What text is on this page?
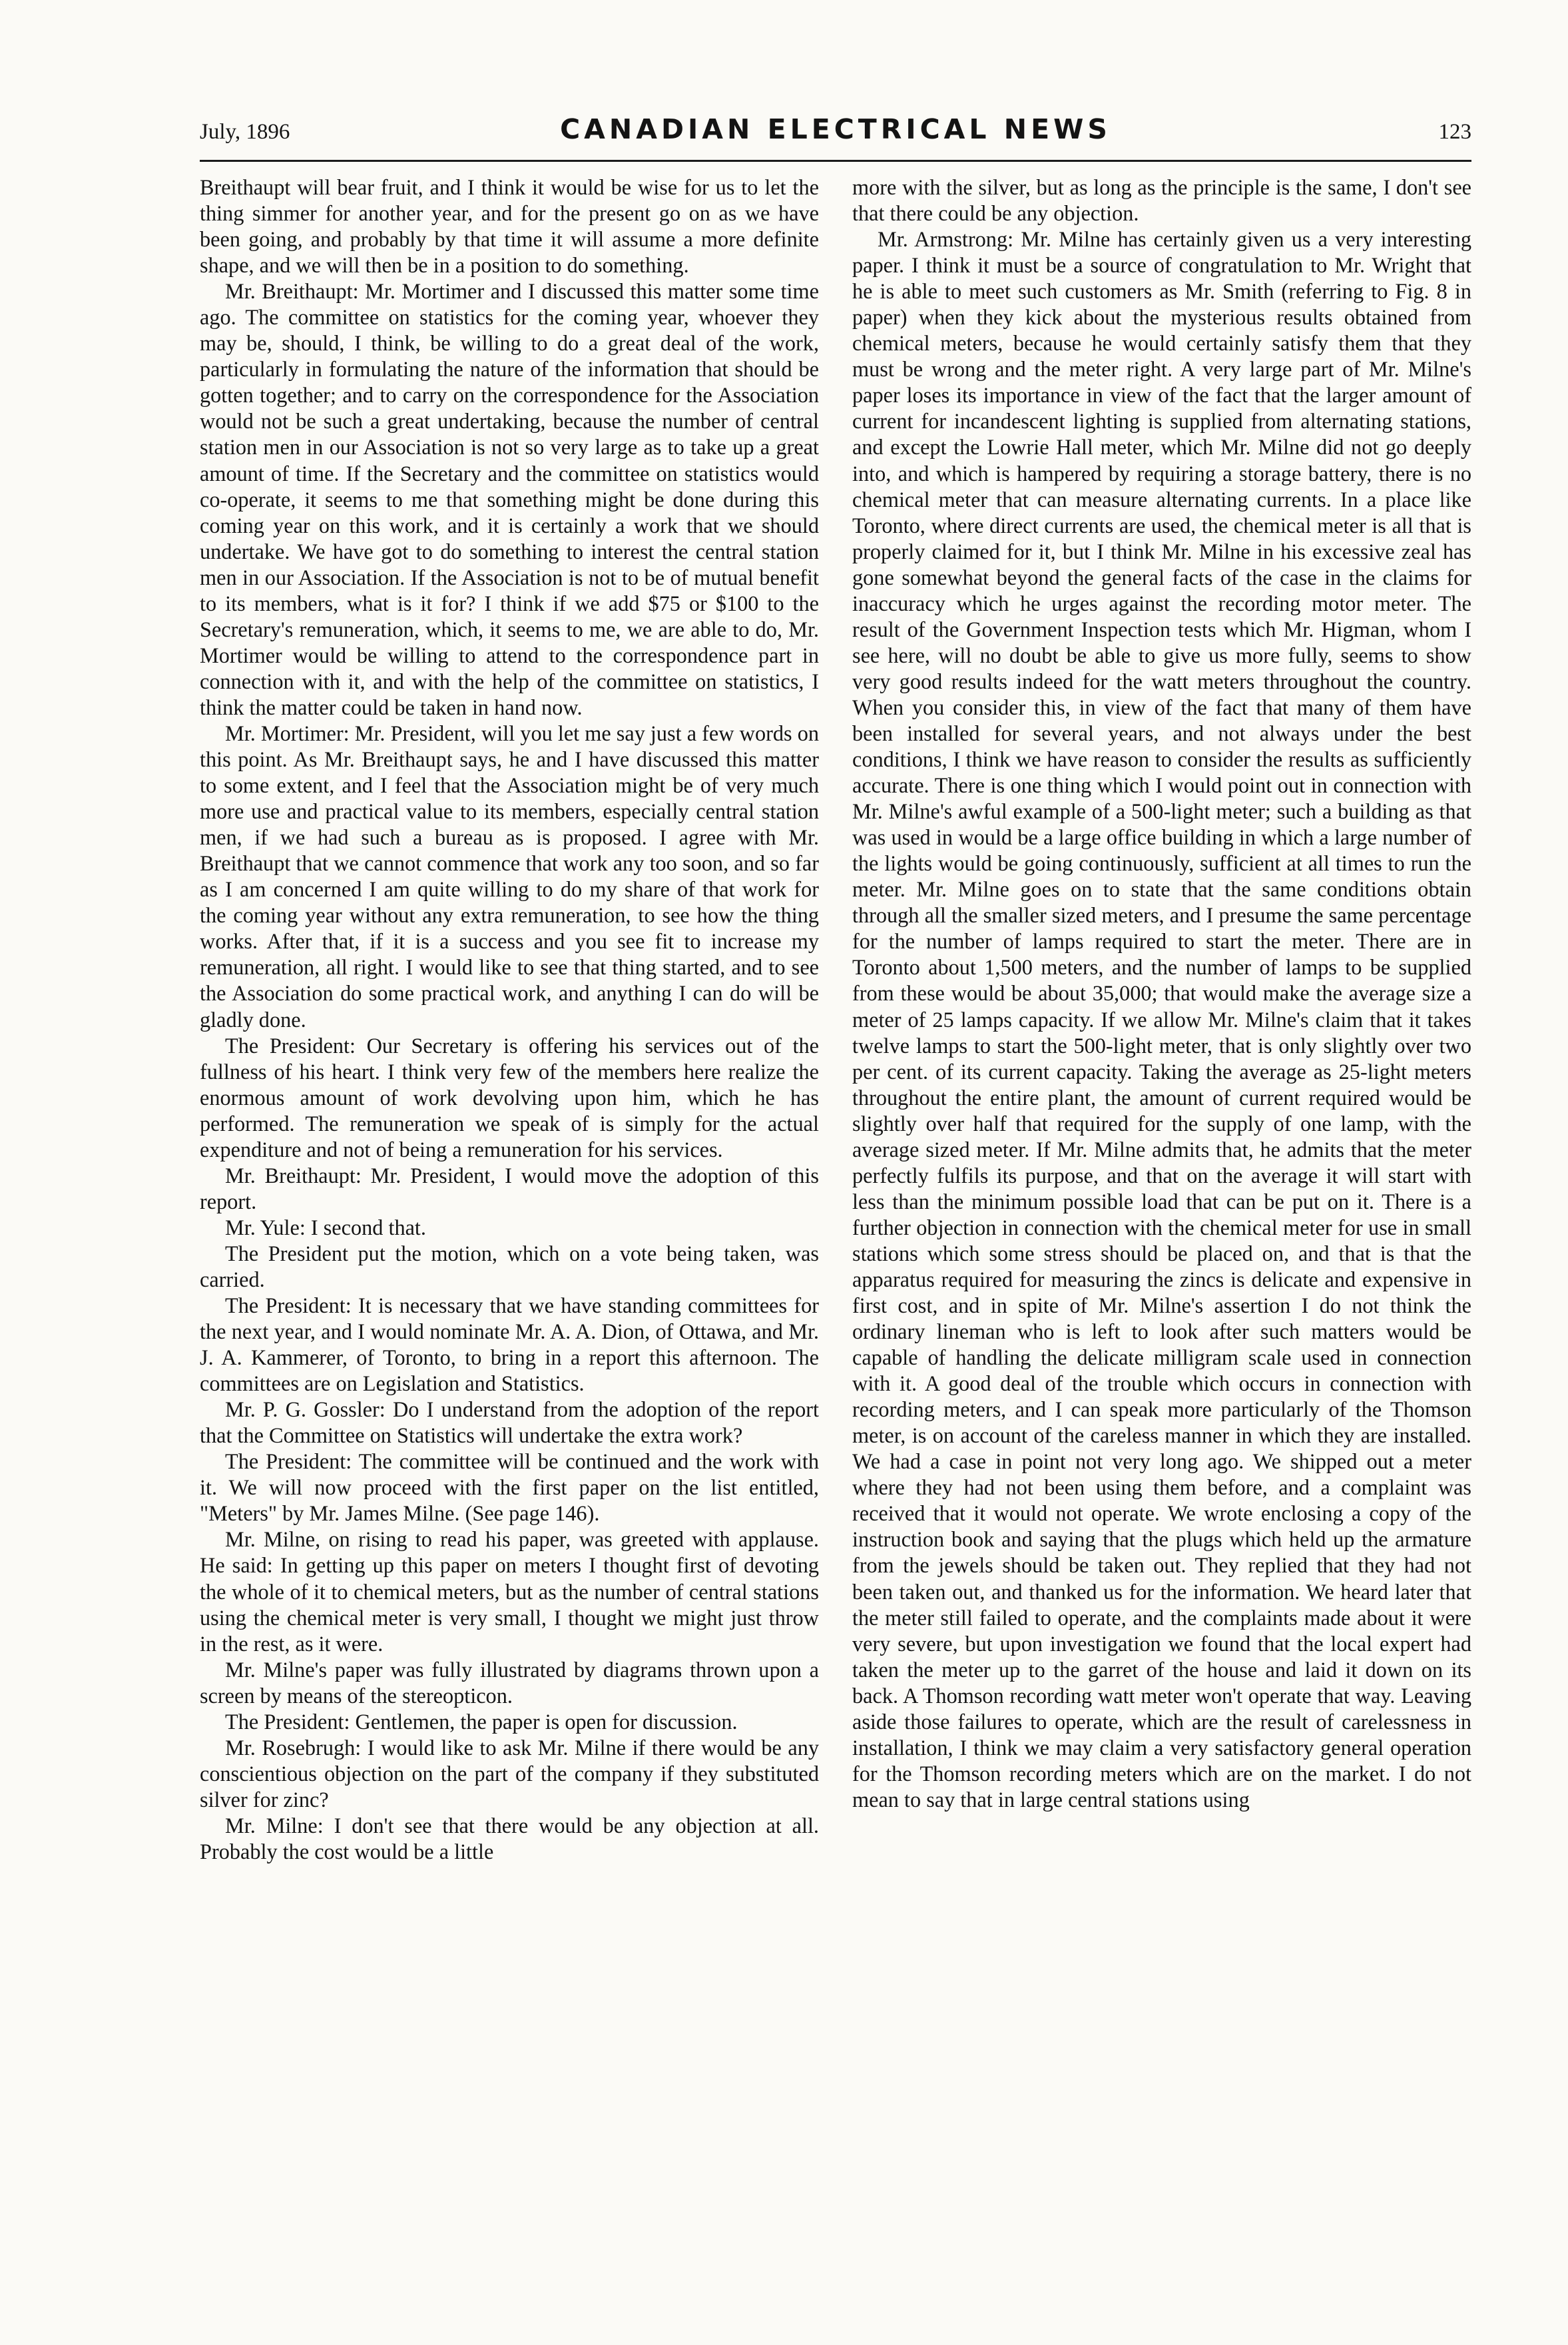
July, 1896	CANADIAN ELECTRICAL NEWS	123

Breithaupt will bear fruit, and I think it would be wise for us to let the thing simmer for another year, and for the present go on as we have been going, and probably by that time it will assume a more definite shape, and we will then be in a position to do something.

Mr. Breithaupt: Mr. Mortimer and I discussed this matter some time ago. The committee on statistics for the coming year, whoever they may be, should, I think, be willing to do a great deal of the work, particularly in formulating the nature of the information that should be gotten together; and to carry on the correspondence for the Association would not be such a great undertaking, because the number of central station men in our Association is not so very large as to take up a great amount of time. If the Secretary and the committee on statistics would co-operate, it seems to me that something might be done during this coming year on this work, and it is certainly a work that we should undertake. We have got to do something to interest the central station men in our Association. If the Association is not to be of mutual benefit to its members, what is it for? I think if we add $75 or $100 to the Secretary's remuneration, which, it seems to me, we are able to do, Mr. Mortimer would be willing to attend to the correspondence part in connection with it, and with the help of the committee on statistics, I think the matter could be taken in hand now.

Mr. Mortimer: Mr. President, will you let me say just a few words on this point. As Mr. Breithaupt says, he and I have discussed this matter to some extent, and I feel that the Association might be of very much more use and practical value to its members, especially central station men, if we had such a bureau as is proposed. I agree with Mr. Breithaupt that we cannot commence that work any too soon, and so far as I am concerned I am quite willing to do my share of that work for the coming year without any extra remuneration, to see how the thing works. After that, if it is a success and you see fit to increase my remuneration, all right. I would like to see that thing started, and to see the Association do some practical work, and anything I can do will be gladly done.

The President: Our Secretary is offering his services out of the fullness of his heart. I think very few of the members here realize the enormous amount of work devolving upon him, which he has performed. The remuneration we speak of is simply for the actual expenditure and not of being a remuneration for his services.

Mr. Breithaupt: Mr. President, I would move the adoption of this report.

Mr. Yule: I second that.

The President put the motion, which on a vote being taken, was carried.

The President: It is necessary that we have standing committees for the next year, and I would nominate Mr. A. A. Dion, of Ottawa, and Mr. J. A. Kammerer, of Toronto, to bring in a report this afternoon. The committees are on Legislation and Statistics.

Mr. P. G. Gossler: Do I understand from the adoption of the report that the Committee on Statistics will undertake the extra work?

The President: The committee will be continued and the work with it. We will now proceed with the first paper on the list entitled, "Meters" by Mr. James Milne. (See page 146).

Mr. Milne, on rising to read his paper, was greeted with applause. He said: In getting up this paper on meters I thought first of devoting the whole of it to chemical meters, but as the number of central stations using the chemical meter is very small, I thought we might just throw in the rest, as it were.

Mr. Milne's paper was fully illustrated by diagrams thrown upon a screen by means of the stereopticon.

The President: Gentlemen, the paper is open for discussion.

Mr. Rosebrugh: I would like to ask Mr. Milne if there would be any conscientious objection on the part of the company if they substituted silver for zinc?

Mr. Milne: I don't see that there would be any objection at all. Probably the cost would be a little

more with the silver, but as long as the principle is the same, I don't see that there could be any objection.

Mr. Armstrong: Mr. Milne has certainly given us a very interesting paper. I think it must be a source of congratulation to Mr. Wright that he is able to meet such customers as Mr. Smith (referring to Fig. 8 in paper) when they kick about the mysterious results obtained from chemical meters, because he would certainly satisfy them that they must be wrong and the meter right. A very large part of Mr. Milne's paper loses its importance in view of the fact that the larger amount of current for incandescent lighting is supplied from alternating stations, and except the Lowrie Hall meter, which Mr. Milne did not go deeply into, and which is hampered by requiring a storage battery, there is no chemical meter that can measure alternating currents. In a place like Toronto, where direct currents are used, the chemical meter is all that is properly claimed for it, but I think Mr. Milne in his excessive zeal has gone somewhat beyond the general facts of the case in the claims for inaccuracy which he urges against the recording motor meter. The result of the Government Inspection tests which Mr. Higman, whom I see here, will no doubt be able to give us more fully, seems to show very good results indeed for the watt meters throughout the country. When you consider this, in view of the fact that many of them have been installed for several years, and not always under the best conditions, I think we have reason to consider the results as sufficiently accurate. There is one thing which I would point out in connection with Mr. Milne's awful example of a 500-light meter; such a building as that was used in would be a large office building in which a large number of the lights would be going continuously, sufficient at all times to run the meter. Mr. Milne goes on to state that the same conditions obtain through all the smaller sized meters, and I presume the same percentage for the number of lamps required to start the meter. There are in Toronto about 1,500 meters, and the number of lamps to be supplied from these would be about 35,000; that would make the average size a meter of 25 lamps capacity. If we allow Mr. Milne's claim that it takes twelve lamps to start the 500-light meter, that is only slightly over two per cent. of its current capacity. Taking the average as 25-light meters throughout the entire plant, the amount of current required would be slightly over half that required for the supply of one lamp, with the average sized meter. If Mr. Milne admits that, he admits that the meter perfectly fulfils its purpose, and that on the average it will start with less than the minimum possible load that can be put on it. There is a further objection in connection with the chemical meter for use in small stations which some stress should be placed on, and that is that the apparatus required for measuring the zincs is delicate and expensive in first cost, and in spite of Mr. Milne's assertion I do not think the ordinary lineman who is left to look after such matters would be capable of handling the delicate milligram scale used in connection with it. A good deal of the trouble which occurs in connection with recording meters, and I can speak more particularly of the Thomson meter, is on account of the careless manner in which they are installed. We had a case in point not very long ago. We shipped out a meter where they had not been using them before, and a complaint was received that it would not operate. We wrote enclosing a copy of the instruction book and saying that the plugs which held up the armature from the jewels should be taken out. They replied that they had not been taken out, and thanked us for the information. We heard later that the meter still failed to operate, and the complaints made about it were very severe, but upon investigation we found that the local expert had taken the meter up to the garret of the house and laid it down on its back. A Thomson recording watt meter won't operate that way. Leaving aside those failures to operate, which are the result of carelessness in installation, I think we may claim a very satisfactory general operation for the Thomson recording meters which are on the market. I do not mean to say that in large central stations using
